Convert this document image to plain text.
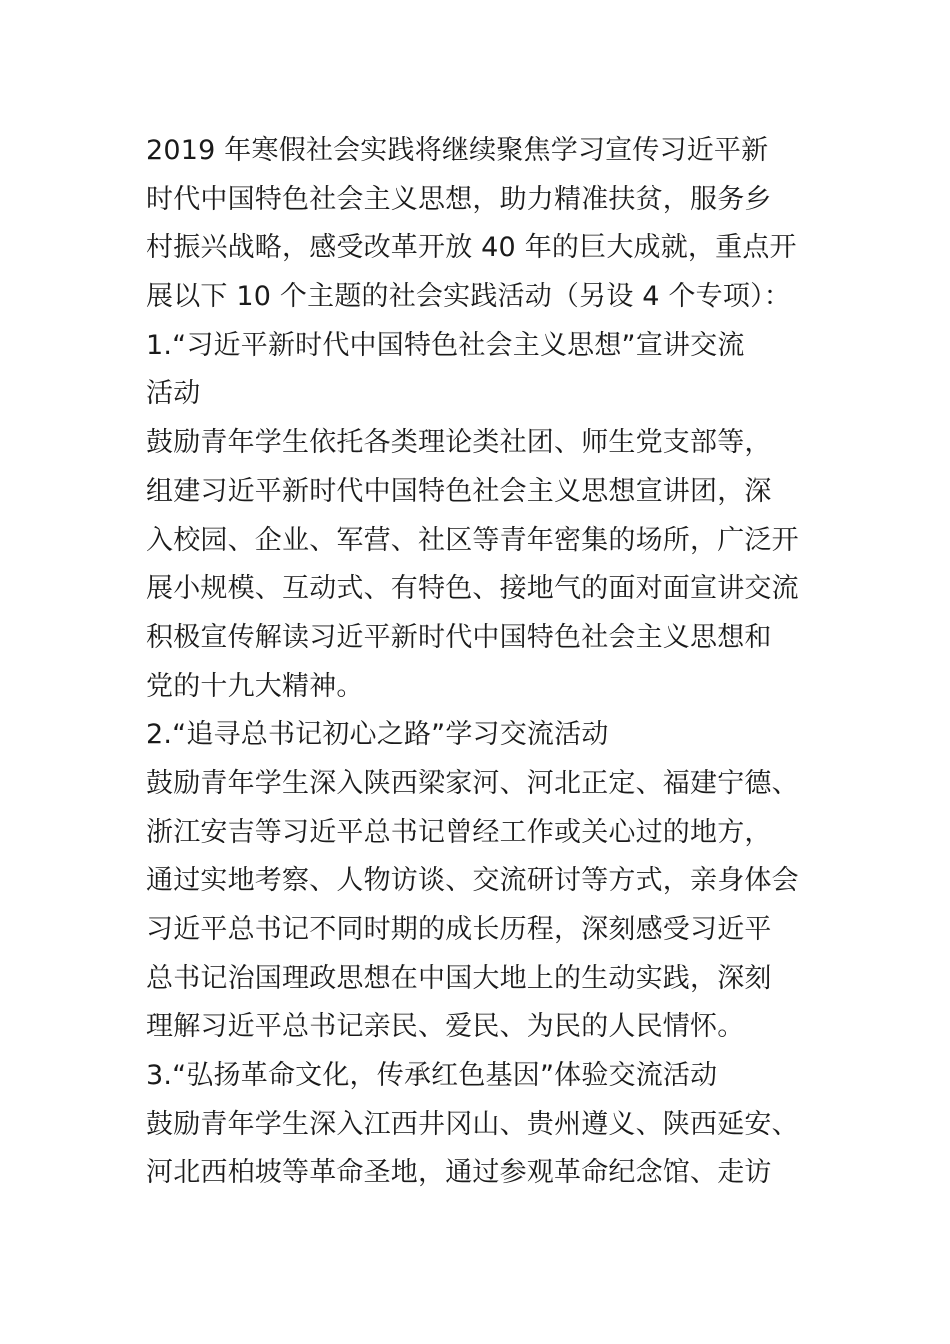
2019 年寒假社会实践将继续聚焦学习宣传习近平新
时代中国特色社会主义思想，助力精准扶贫，服务乡
村振兴战略，感受改革开放 40 年的巨大成就，重点开
展以下 10 个主题的社会实践活动（另设 4 个专项）：
1.“习近平新时代中国特色社会主义思想”宣讲交流
活动
鼓励青年学生依托各类理论类社团、师生党支部等，
组建习近平新时代中国特色社会主义思想宣讲团，深
入校园、企业、军营、社区等青年密集的场所，广泛开
展小规模、互动式、有特色、接地气的面对面宣讲交流
积极宣传解读习近平新时代中国特色社会主义思想和
党的十九大精神。
2.“追寻总书记初心之路”学习交流活动
鼓励青年学生深入陕西梁家河、河北正定、福建宁德、
浙江安吉等习近平总书记曾经工作或关心过的地方，
通过实地考察、人物访谈、交流研讨等方式，亲身体会
习近平总书记不同时期的成长历程，深刻感受习近平
总书记治国理政思想在中国大地上的生动实践，深刻
理解习近平总书记亲民、爱民、为民的人民情怀。
3.“弘扬革命文化，传承红色基因”体验交流活动
鼓励青年学生深入江西井冈山、贵州遵义、陕西延安、
河北西柏坡等革命圣地，通过参观革命纪念馆、走访
